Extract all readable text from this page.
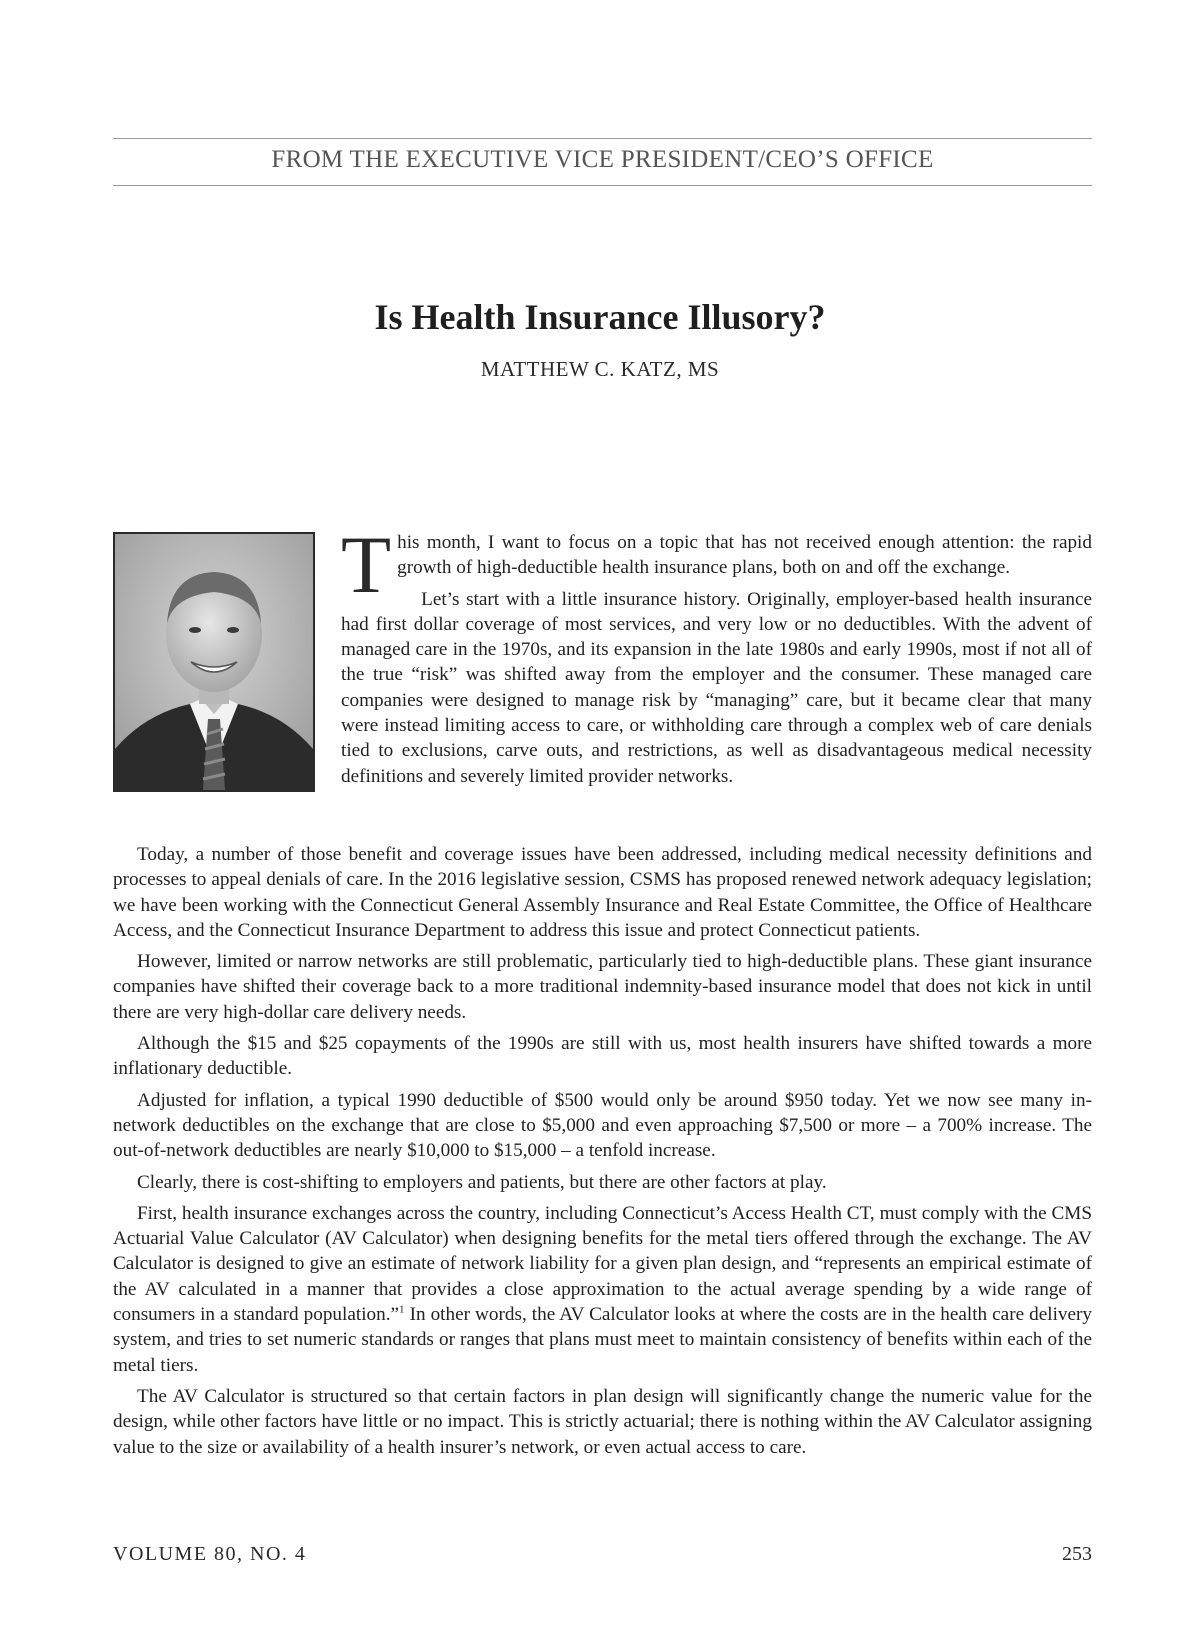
FROM THE EXECUTIVE VICE PRESIDENT/CEO’S OFFICE
Is Health Insurance Illusory?
MATTHEW C. KATZ, MS

This month, I want to focus on a topic that has not received enough attention: the rapid growth of high-deductible health insurance plans, both on and off the exchange.

Let’s start with a little insurance history. Originally, employer-based health insurance had first dollar coverage of most services, and very low or no deductibles. With the advent of managed care in the 1970s, and its expansion in the late 1980s and early 1990s, most if not all of the true “risk” was shifted away from the employer and the consumer. These managed care companies were designed to manage risk by “managing” care, but it became clear that many were instead limiting access to care, or withholding care through a complex web of care denials tied to exclusions, carve outs, and restrictions, as well as disadvantageous medical necessity definitions and severely limited provider networks.

Today, a number of those benefit and coverage issues have been addressed, including medical necessity definitions and processes to appeal denials of care. In the 2016 legislative session, CSMS has proposed renewed network adequacy legislation; we have been working with the Connecticut General Assembly Insurance and Real Estate Committee, the Office of Healthcare Access, and the Connecticut Insurance Department to address this issue and protect Connecticut patients.

However, limited or narrow networks are still problematic, particularly tied to high-deductible plans. These giant insurance companies have shifted their coverage back to a more traditional indemnity-based insurance model that does not kick in until there are very high-dollar care delivery needs.

Although the $15 and $25 copayments of the 1990s are still with us, most health insurers have shifted towards a more inflationary deductible.

Adjusted for inflation, a typical 1990 deductible of $500 would only be around $950 today. Yet we now see many in-network deductibles on the exchange that are close to $5,000 and even approaching $7,500 or more – a 700% increase. The out-of-network deductibles are nearly $10,000 to $15,000 – a tenfold increase.

Clearly, there is cost-shifting to employers and patients, but there are other factors at play.

First, health insurance exchanges across the country, including Connecticut’s Access Health CT, must comply with the CMS Actuarial Value Calculator (AV Calculator) when designing benefits for the metal tiers offered through the exchange. The AV Calculator is designed to give an estimate of network liability for a given plan design, and “represents an empirical estimate of the AV calculated in a manner that provides a close approximation to the actual average spending by a wide range of consumers in a standard population.”$^1$ In other words, the AV Calculator looks at where the costs are in the health care delivery system, and tries to set numeric standards or ranges that plans must meet to maintain consistency of benefits within each of the metal tiers.

The AV Calculator is structured so that certain factors in plan design will significantly change the numeric value for the design, while other factors have little or no impact. This is strictly actuarial; there is nothing within the AV Calculator assigning value to the size or availability of a health insurer’s network, or even actual access to care.

VOLUME 80, NO. 4	253
